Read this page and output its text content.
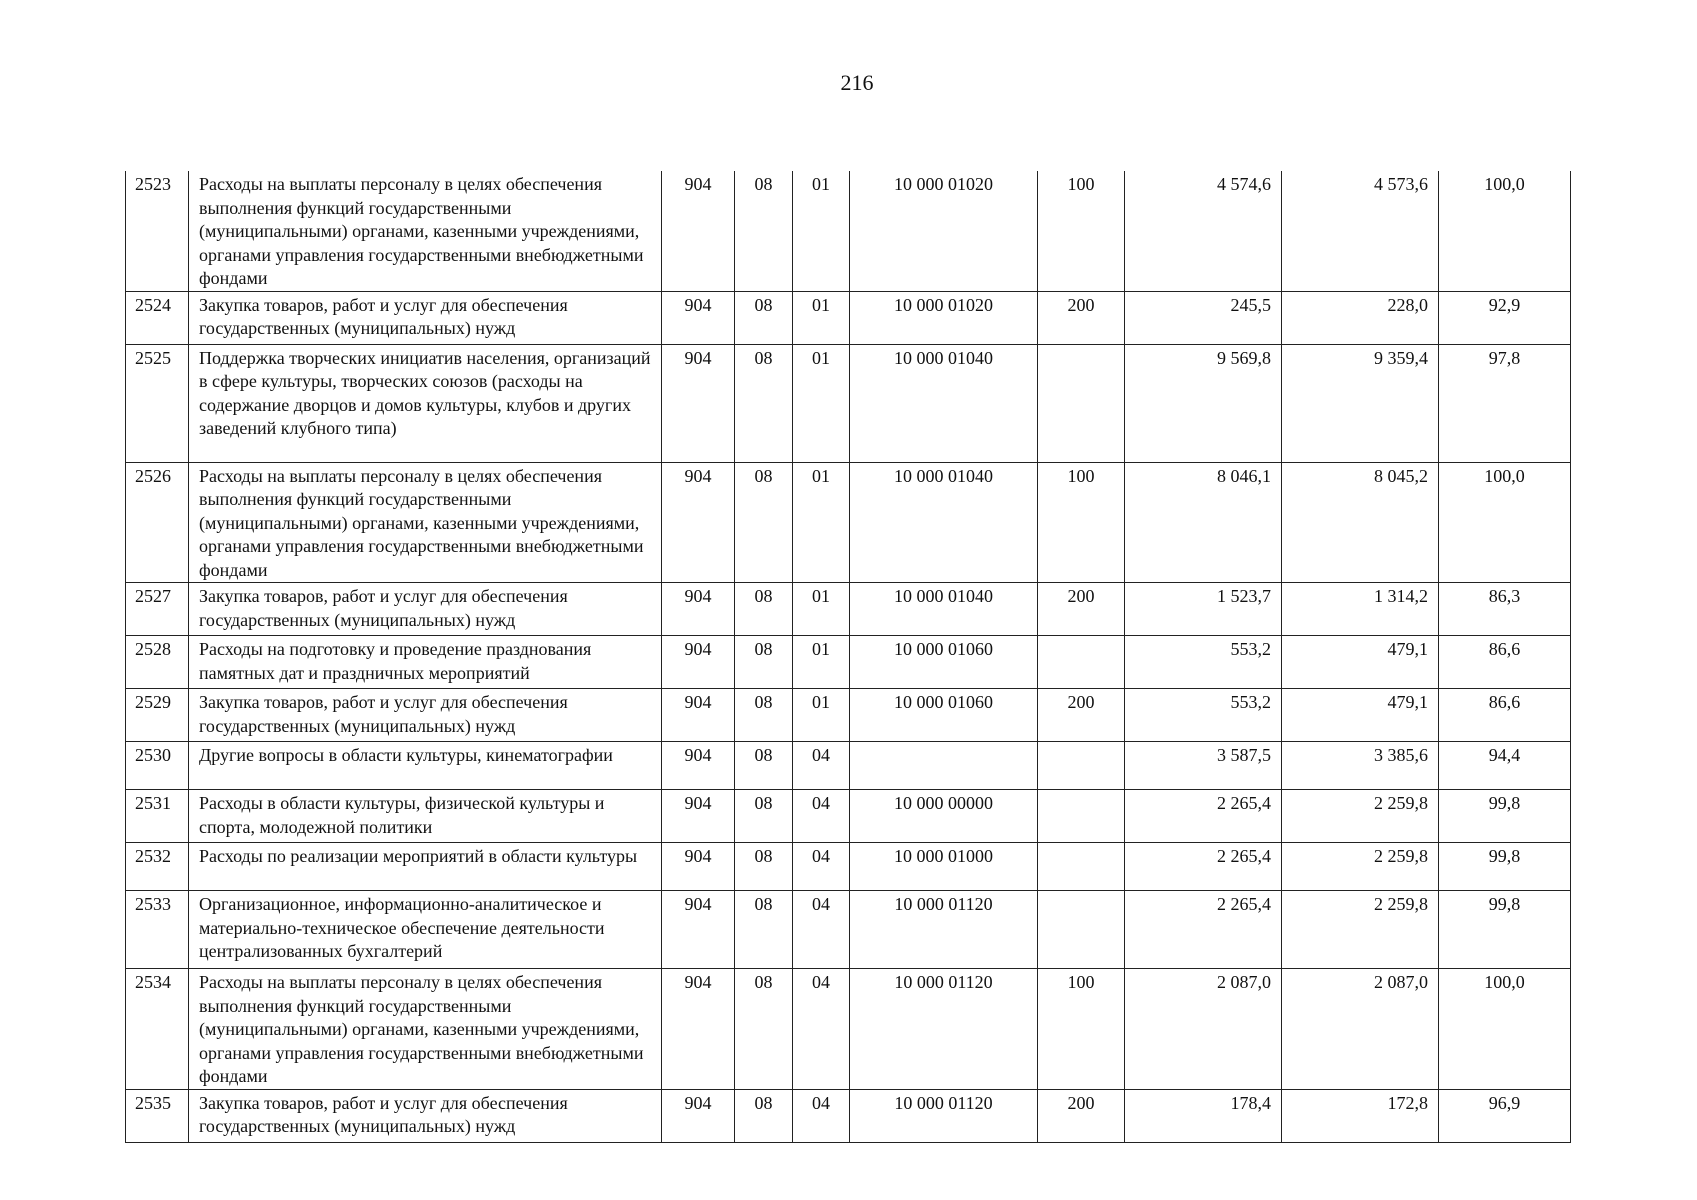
216
2523	Расходы на выплаты персоналу в целях обеспечения выполнения функций государственными (муниципальными) органами, казенными учреждениями, органами управления государственными внебюджетными фондами	904	08	01	10 000 01020	100	4 574,6	4 573,6	100,0
2524	Закупка товаров, работ и услуг для обеспечения государственных (муниципальных) нужд	904	08	01	10 000 01020	200	245,5	228,0	92,9
2525	Поддержка творческих инициатив населения, организаций в сфере культуры, творческих союзов (расходы на содержание дворцов и домов культуры, клубов и других заведений клубного типа)	904	08	01	10 000 01040		9 569,8	9 359,4	97,8
2526	Расходы на выплаты персоналу в целях обеспечения выполнения функций государственными (муниципальными) органами, казенными учреждениями, органами управления государственными внебюджетными фондами	904	08	01	10 000 01040	100	8 046,1	8 045,2	100,0
2527	Закупка товаров, работ и услуг для обеспечения государственных (муниципальных) нужд	904	08	01	10 000 01040	200	1 523,7	1 314,2	86,3
2528	Расходы на подготовку и проведение празднования памятных дат и праздничных мероприятий	904	08	01	10 000 01060		553,2	479,1	86,6
2529	Закупка товаров, работ и услуг для обеспечения государственных (муниципальных) нужд	904	08	01	10 000 01060	200	553,2	479,1	86,6
2530	Другие вопросы в области культуры, кинематографии	904	08	04			3 587,5	3 385,6	94,4
2531	Расходы в области культуры, физической культуры и спорта, молодежной политики	904	08	04	10 000 00000		2 265,4	2 259,8	99,8
2532	Расходы по реализации мероприятий в области культуры	904	08	04	10 000 01000		2 265,4	2 259,8	99,8
2533	Организационное, информационно-аналитическое и материально-техническое обеспечение деятельности централизованных бухгалтерий	904	08	04	10 000 01120		2 265,4	2 259,8	99,8
2534	Расходы на выплаты персоналу в целях обеспечения выполнения функций государственными (муниципальными) органами, казенными учреждениями, органами управления государственными внебюджетными фондами	904	08	04	10 000 01120	100	2 087,0	2 087,0	100,0
2535	Закупка товаров, работ и услуг для обеспечения государственных (муниципальных) нужд	904	08	04	10 000 01120	200	178,4	172,8	96,9
